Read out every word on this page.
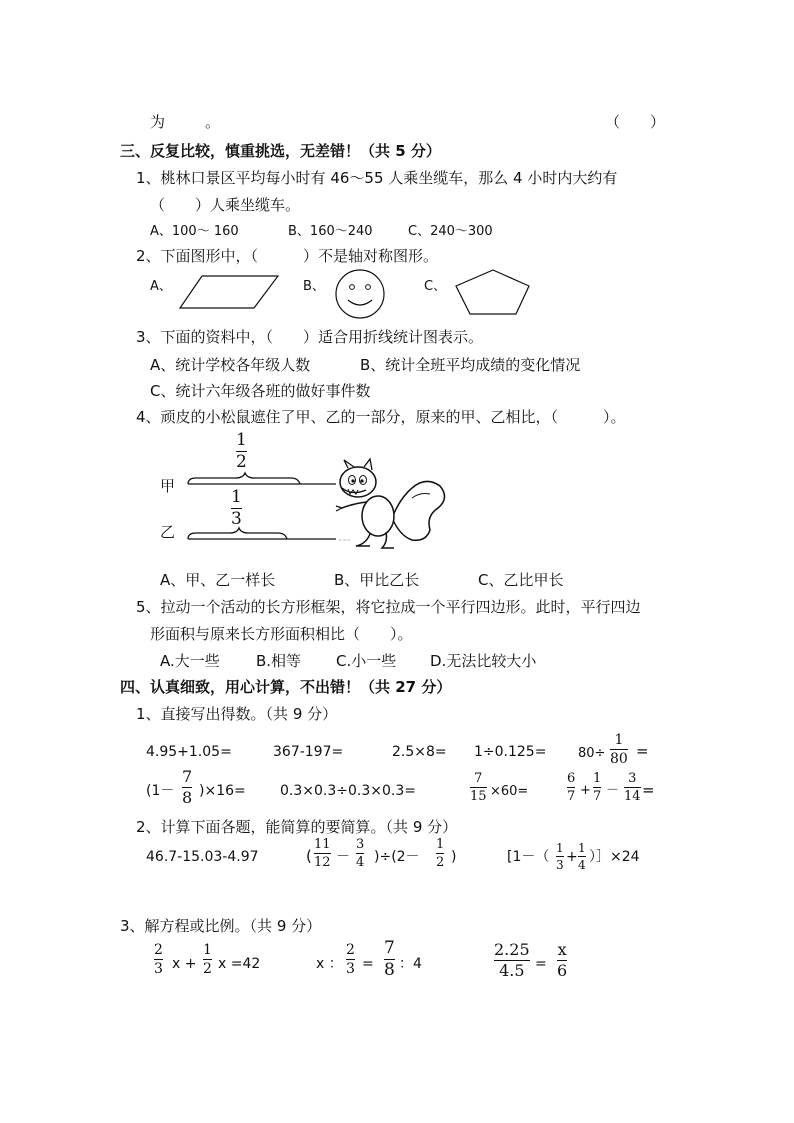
为	。	（　　）
三、反复比较，慎重挑选，无差错！（共 5 分）
1、桃林口景区平均每小时有 46～55 人乘坐缆车，那么 4 小时内大约有
（　　）人乘坐缆车。
A、100～ 160	B、160～240	C、240～300
2、下面图形中，（　　　）不是轴对称图形。
A、	B、	C、
3、下面的资料中，（　　）适合用折线统计图表示。
A、统计学校各年级人数	B、统计全班平均成绩的变化情况
C、统计六年级各班的做好事件数
4、顽皮的小松鼠遮住了甲、乙的一部分，原来的甲、乙相比，（　　　）。
1
2
甲
1
3
乙	~~~
A、甲、乙一样长	B、甲比乙长	C、乙比甲长
5、拉动一个活动的长方形框架，将它拉成一个平行四边形。此时，平行四边
形面积与原来长方形面积相比（　　）。
A.大一些 B.相等 C.小一些 D.无法比较大小
四、认真细致，用心计算，不出错！（共 27 分）
1、直接写出得数。（共 9 分）
4.95+1.05=	367-197=	2.5×8= 1÷0.125= 80÷
1
80 =
(1－
7
8 )×16= 0.3×0.3÷0.3×0.3=
7
15 ×60=
6
7 +
1
7 －
3
14 =
2、计算下面各题，能简算的要简算。（共 9 分）
46.7-15.03-4.97	(
11
12 －
3
4 )÷(2－
1
2 )	[1－（
1
3 +
1
4 ）］×24
3、解方程或比例。（共 9 分）
2
3 x +
1
2 x =42	x ：
2
3 =
7
8 ：4
2.25
4.5 =
x
6
